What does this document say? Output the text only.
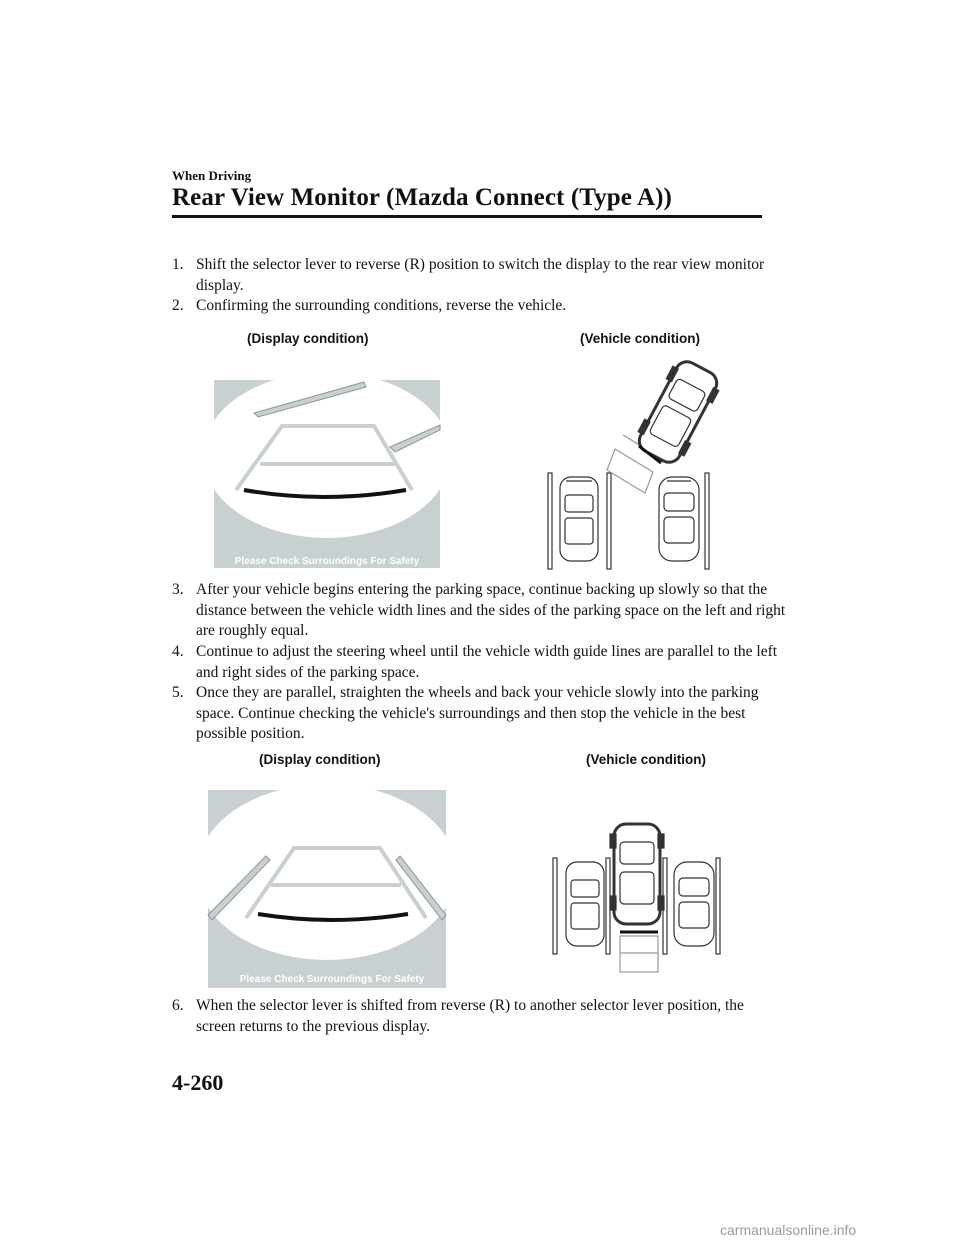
When Driving
Rear View Monitor (Mazda Connect (Type A))
1. Shift the selector lever to reverse (R) position to switch the display to the rear view monitor display.
2. Confirming the surrounding conditions, reverse the vehicle.
(Display condition)	(Vehicle condition)
Please Check Surroundings For Safety
3. After your vehicle begins entering the parking space, continue backing up slowly so that the distance between the vehicle width lines and the sides of the parking space on the left and right are roughly equal.
4. Continue to adjust the steering wheel until the vehicle width guide lines are parallel to the left and right sides of the parking space.
5. Once they are parallel, straighten the wheels and back your vehicle slowly into the parking space. Continue checking the vehicle's surroundings and then stop the vehicle in the best possible position.
(Display condition)	(Vehicle condition)
Please Check Surroundings For Safety
6. When the selector lever is shifted from reverse (R) to another selector lever position, the screen returns to the previous display.
4-260
carmanualsonline.info
